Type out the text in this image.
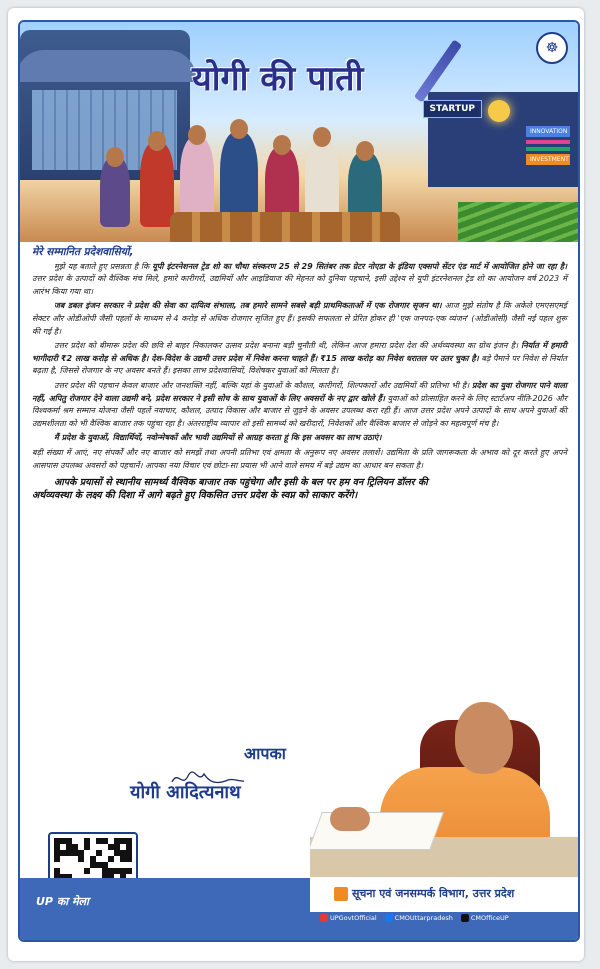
STARTUP
INNOVATION
INVESTMENT
योगी की पाती
☸
मेरे सम्मानित प्रदेशवासियों,

मुझे यह बताते हुए प्रसन्नता है कि यूपी इंटरनेशनल ट्रेड शो का चौथा संस्करण 25 से 29 सितंबर तक ग्रेटर नोएडा के इंडिया एक्सपो सेंटर एंड मार्ट में आयोजित होने जा रहा है। उत्तर प्रदेश के उत्पादों को वैश्विक मंच मिले, हमारे कारीगरों, उद्यमियों और आइडियाज की मेहनत को दुनिया पहचाने, इसी उद्देश्य से यूपी इंटरनेशनल ट्रेड शो का आयोजन वर्ष 2023 में आरंभ किया गया था।

जब डबल इंजन सरकार ने प्रदेश की सेवा का दायित्व संभाला, तब हमारे सामने सबसे बड़ी प्राथमिकताओं में एक रोजगार सृजन था। आज मुझे संतोष है कि अकेले एमएसएमई सेक्टर और ओडीओपी जैसी पहलों के माध्यम से 4 करोड़ से अधिक रोजगार सृजित हुए हैं। इसकी सफलता से प्रेरित होकर ही 'एक जनपद-एक व्यंजन' (ओडीओसी) जैसी नई पहल शुरू की गई है।

उत्तर प्रदेश को बीमारू प्रदेश की छवि से बाहर निकालकर उत्सव प्रदेश बनाना बड़ी चुनौती थी, लेकिन आज हमारा प्रदेश देश की अर्थव्यवस्था का ग्रोथ इंजन है। निर्यात में हमारी भागीदारी ₹2 लाख करोड़ से अधिक है। देश-विदेश के उद्यमी उत्तर प्रदेश में निवेश करना चाहते हैं। ₹15 लाख करोड़ का निवेश धरातल पर उतर चुका है। बड़े पैमाने पर निवेश से निर्यात बढ़ता है, जिससे रोजगार के नए अवसर बनते हैं। इसका लाभ प्रदेशवासियों, विशेषकर युवाओं को मिलता है।

उत्तर प्रदेश की पहचान केवल बाजार और जनशक्ति नहीं, बल्कि यहां के युवाओं के कौशल, कारीगरों, शिल्पकारों और उद्यमियों की प्रतिभा भी है। प्रदेश का युवा रोजगार पाने वाला नहीं, अपितु रोजगार देने वाला उद्यमी बने, प्रदेश सरकार ने इसी सोच के साथ युवाओं के लिए अवसरों के नए द्वार खोले हैं। युवाओं को प्रोत्साहित करने के लिए स्टार्टअप नीति-2026 और विश्वकर्मा श्रम सम्मान योजना जैसी पहलें नवाचार, कौशल, उत्पाद विकास और बाजार से जुड़ने के अवसर उपलब्ध करा रही हैं। आज उत्तर प्रदेश अपने उत्पादों के साथ अपने युवाओं की उद्यमशीलता को भी वैश्विक बाजार तक पहुंचा रहा है। अंतरराष्ट्रीय व्यापार शो इसी सामर्थ्य को खरीदारों, निवेशकों और वैश्विक बाजार से जोड़ने का महत्वपूर्ण मंच है।

मैं प्रदेश के युवाओं, विद्यार्थियों, नवोन्मेषकों और भावी उद्यमियों से आग्रह करता हूं कि इस अवसर का लाभ उठाएं।

बड़ी संख्या में आएं, नए संपर्कों और नए बाजार को समझें तथा अपनी प्रतिभा एवं क्षमता के अनुरूप नए अवसर तलाशें। उद्यमिता के प्रति जागरूकता के अभाव को दूर करते हुए अपने आसपास उपलब्ध अवसरों को पहचानें। आपका नया विचार एवं छोटा-सा प्रयास भी आने वाले समय में बड़े उद्यम का आधार बन सकता है।

आपके प्रयासों से स्थानीय सामर्थ्य वैश्विक बाजार तक पहुंचेगा और इसी के बल पर हम वन ट्रिलियन डॉलर की अर्थव्यवस्था के लक्ष्य की दिशा में आगे बढ़ते हुए विकसित उत्तर प्रदेश के स्वप्न को साकार करेंगे।
आपका
योगी आदित्यनाथ
सूचना एवं जनसम्पर्क विभाग, उत्तर प्रदेश
UP का मेला
UPGovtOfficial	CMOUttarpradesh	CMOfficeUP
